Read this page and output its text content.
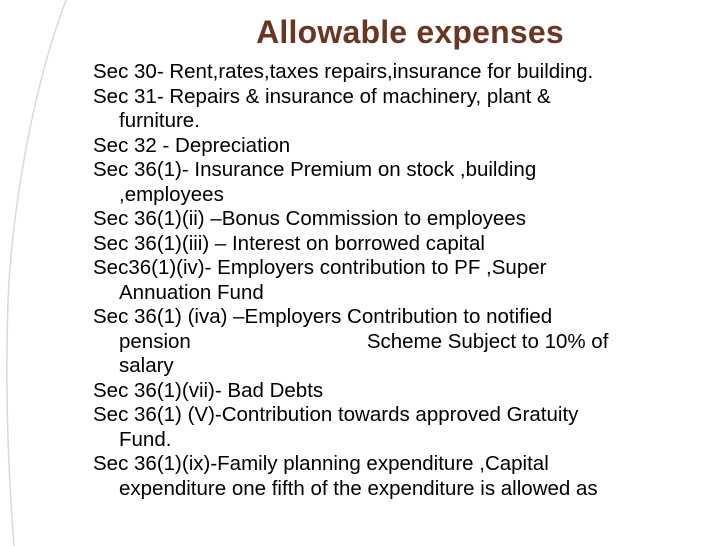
Allowable expenses
Sec 30- Rent,rates,taxes repairs,insurance for building.
Sec 31- Repairs & insurance of machinery, plant &
furniture.
Sec 32 - Depreciation
Sec 36(1)- Insurance Premium on stock ,building
,employees
Sec 36(1)(ii) –Bonus Commission to employees
Sec 36(1)(iii) – Interest on borrowed capital
Sec36(1)(iv)- Employers contribution to PF ,Super
Annuation Fund
Sec 36(1) (iva) –Employers Contribution to notified
pension	Scheme Subject to 10% of
salary
Sec 36(1)(vii)- Bad Debts
Sec 36(1) (V)-Contribution towards approved Gratuity
Fund.
Sec 36(1)(ix)-Family planning expenditure ,Capital
expenditure one fifth of the expenditure is allowed as
